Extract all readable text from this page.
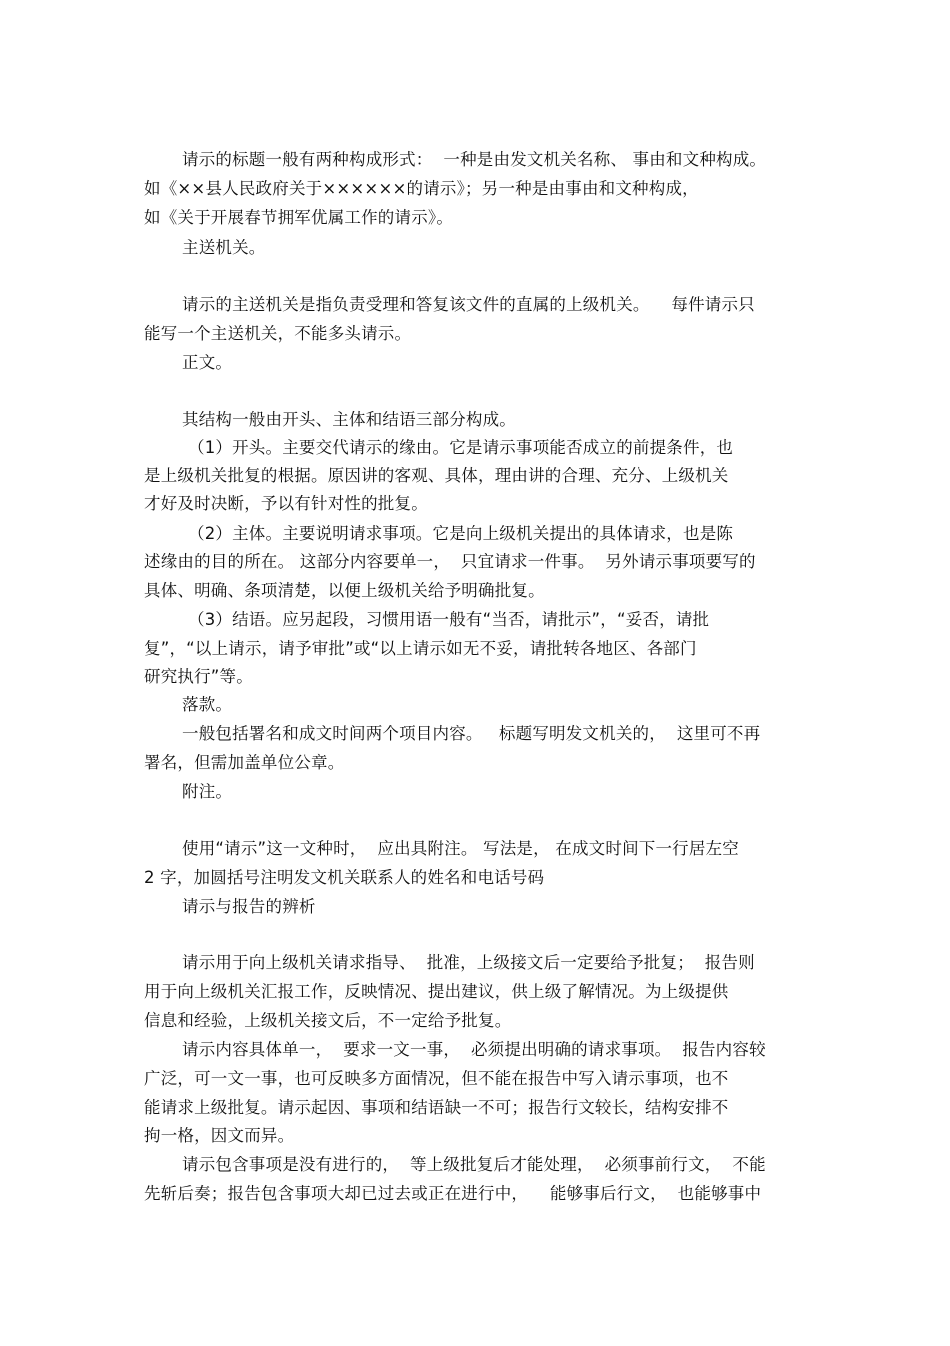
请示的标题一般有两种构成形式：  一种是由发文机关名称、 事由和文种构成。
如《××县人民政府关于××××××的请示》；另一种是由事由和文种构成，
如《关于开展春节拥军优属工作的请示》。
主送机关。
请示的主送机关是指负责受理和答复该文件的直属的上级机关。    每件请示只
能写一个主送机关，不能多头请示。
正文。
其结构一般由开头、主体和结语三部分构成。
（1）开头。主要交代请示的缘由。它是请示事项能否成立的前提条件，也
是上级机关批复的根据。原因讲的客观、具体，理由讲的合理、充分、上级机关
才好及时决断，予以有针对性的批复。
（2）主体。主要说明请求事项。它是向上级机关提出的具体请求，也是陈
述缘由的目的所在。 这部分内容要单一，  只宜请求一件事。  另外请示事项要写的
具体、明确、条项清楚，以便上级机关给予明确批复。
（3）结语。应另起段，习惯用语一般有“当否，请批示”，“妥否，请批
复”，“以上请示，请予审批”或“以上请示如无不妥，请批转各地区、各部门
研究执行”等。
落款。
一般包括署名和成文时间两个项目内容。   标题写明发文机关的，  这里可不再
署名，但需加盖单位公章。
附注。
使用“请示”这一文种时，  应出具附注。 写法是， 在成文时间下一行居左空
2 字，加圆括号注明发文机关联系人的姓名和电话号码
请示与报告的辨析
请示用于向上级机关请求指导、  批准，上级接文后一定要给予批复；  报告则
用于向上级机关汇报工作，反映情况、提出建议，供上级了解情况。为上级提供
信息和经验，上级机关接文后，不一定给予批复。
请示内容具体单一，  要求一文一事，  必须提出明确的请求事项。  报告内容较
广泛，可一文一事，也可反映多方面情况，但不能在报告中写入请示事项，也不
能请求上级批复。请示起因、事项和结语缺一不可；报告行文较长，结构安排不
拘一格，因文而异。
请示包含事项是没有进行的，  等上级批复后才能处理，  必须事前行文，  不能
先斩后奏；报告包含事项大却已过去或正在进行中，    能够事后行文，  也能够事中
